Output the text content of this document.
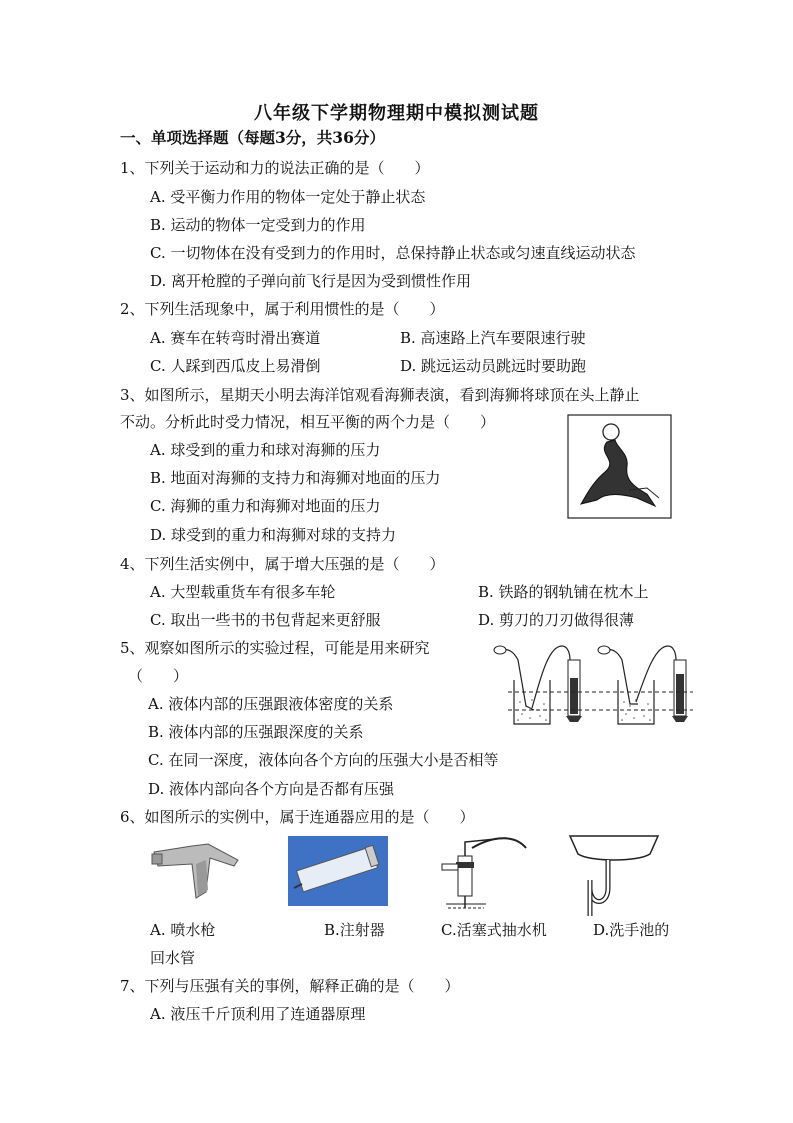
八年级下学期物理期中模拟测试题
一、单项选择题（每题3分，共36分）
1、下列关于运动和力的说法正确的是（　　）
A. 受平衡力作用的物体一定处于静止状态
B. 运动的物体一定受到力的作用
C. 一切物体在没有受到力的作用时，总保持静止状态或匀速直线运动状态
D. 离开枪膛的子弹向前飞行是因为受到惯性作用
2、下列生活现象中，属于利用惯性的是（　　）
A. 赛车在转弯时滑出赛道	B. 高速路上汽车要限速行驶
C. 人踩到西瓜皮上易滑倒	D. 跳远运动员跳远时要助跑
3、如图所示，星期天小明去海洋馆观看海狮表演，看到海狮将球顶在头上静止
不动。分析此时受力情况，相互平衡的两个力是（　　）
A. 球受到的重力和球对海狮的压力
B. 地面对海狮的支持力和海狮对地面的压力
C. 海狮的重力和海狮对地面的压力
D. 球受到的重力和海狮对球的支持力
4、下列生活实例中，属于增大压强的是（　　）
A. 大型载重货车有很多车轮	B. 铁路的钢轨铺在枕木上
C. 取出一些书的书包背起来更舒服	D. 剪刀的刀刃做得很薄
5、观察如图所示的实验过程，可能是用来研究
（　　）
A. 液体内部的压强跟液体密度的关系
B. 液体内部的压强跟深度的关系
C. 在同一深度，液体向各个方向的压强大小是否相等
D. 液体内部向各个方向是否都有压强
6、如图所示的实例中，属于连通器应用的是（　　）
A. 喷水枪	B.注射器	C.活塞式抽水机	D.洗手池的
回水管
7、下列与压强有关的事例，解释正确的是（　　）
A. 液压千斤顶利用了连通器原理
